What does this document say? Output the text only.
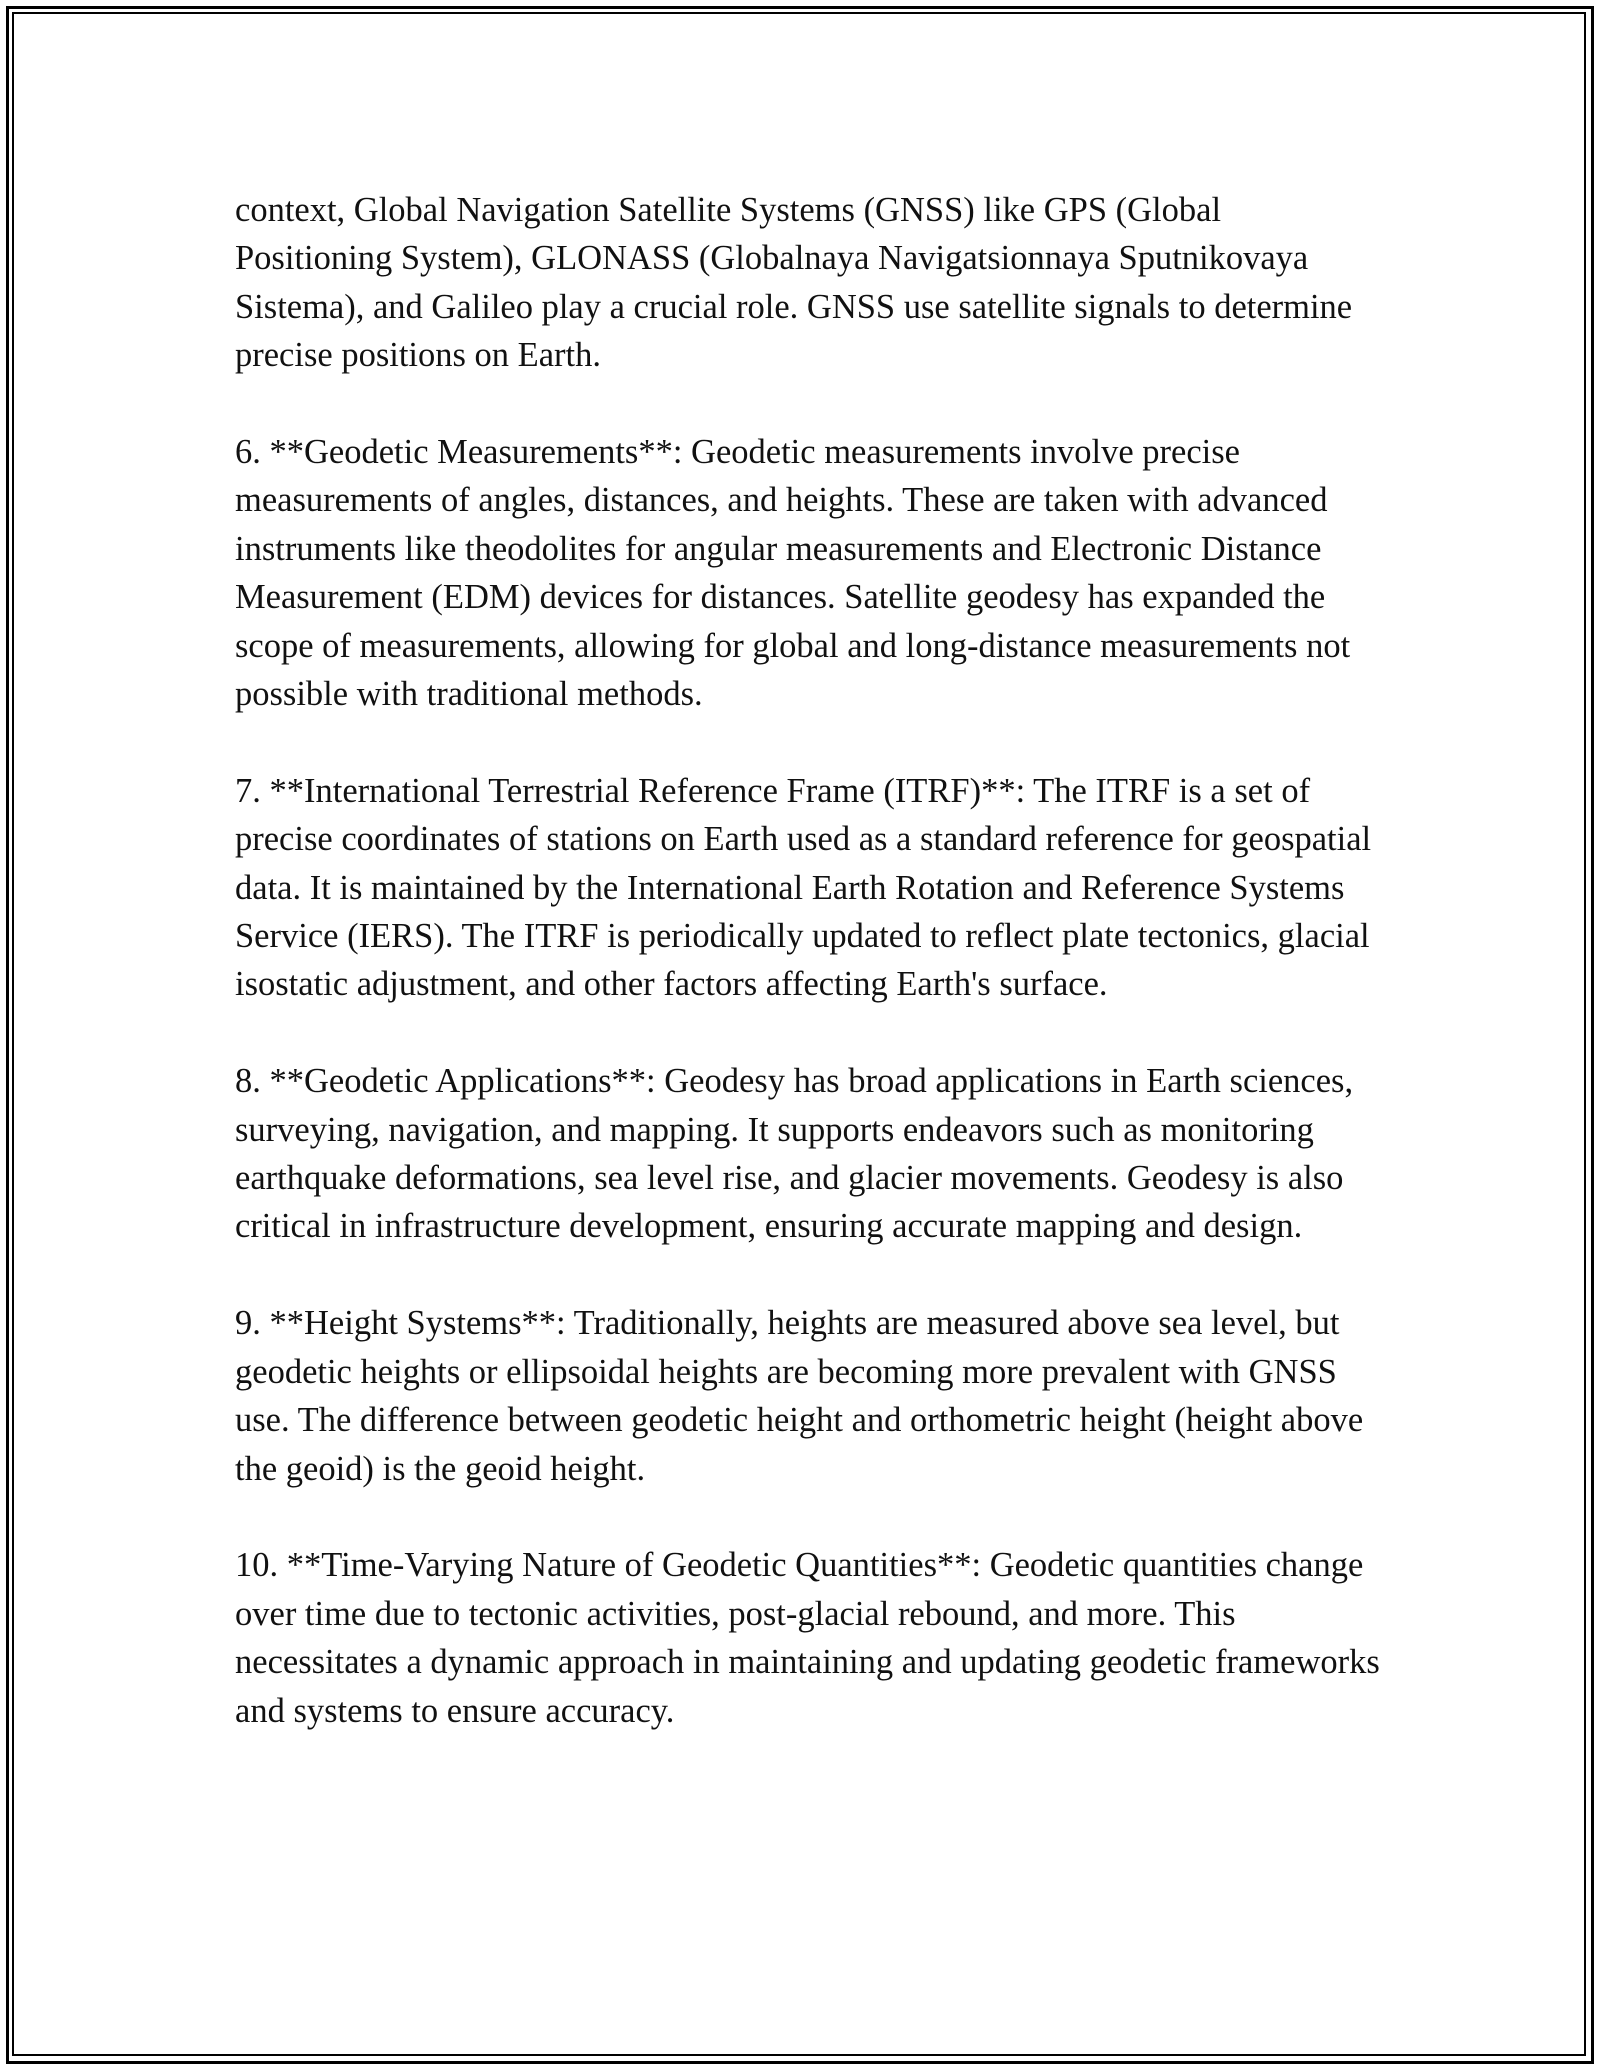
context, Global Navigation Satellite Systems (GNSS) like GPS (Global Positioning System), GLONASS (Globalnaya Navigatsionnaya Sputnikovaya Sistema), and Galileo play a crucial role. GNSS use satellite signals to determine precise positions on Earth.

6. **Geodetic Measurements**: Geodetic measurements involve precise measurements of angles, distances, and heights. These are taken with advanced instruments like theodolites for angular measurements and Electronic Distance Measurement (EDM) devices for distances. Satellite geodesy has expanded the scope of measurements, allowing for global and long-distance measurements not possible with traditional methods.

7. **International Terrestrial Reference Frame (ITRF)**: The ITRF is a set of precise coordinates of stations on Earth used as a standard reference for geospatial data. It is maintained by the International Earth Rotation and Reference Systems Service (IERS). The ITRF is periodically updated to reflect plate tectonics, glacial isostatic adjustment, and other factors affecting Earth's surface.

8. **Geodetic Applications**: Geodesy has broad applications in Earth sciences, surveying, navigation, and mapping. It supports endeavors such as monitoring earthquake deformations, sea level rise, and glacier movements. Geodesy is also critical in infrastructure development, ensuring accurate mapping and design.

9. **Height Systems**: Traditionally, heights are measured above sea level, but geodetic heights or ellipsoidal heights are becoming more prevalent with GNSS use. The difference between geodetic height and orthometric height (height above the geoid) is the geoid height.

10. **Time-Varying Nature of Geodetic Quantities**: Geodetic quantities change over time due to tectonic activities, post-glacial rebound, and more. This necessitates a dynamic approach in maintaining and updating geodetic frameworks and systems to ensure accuracy.
